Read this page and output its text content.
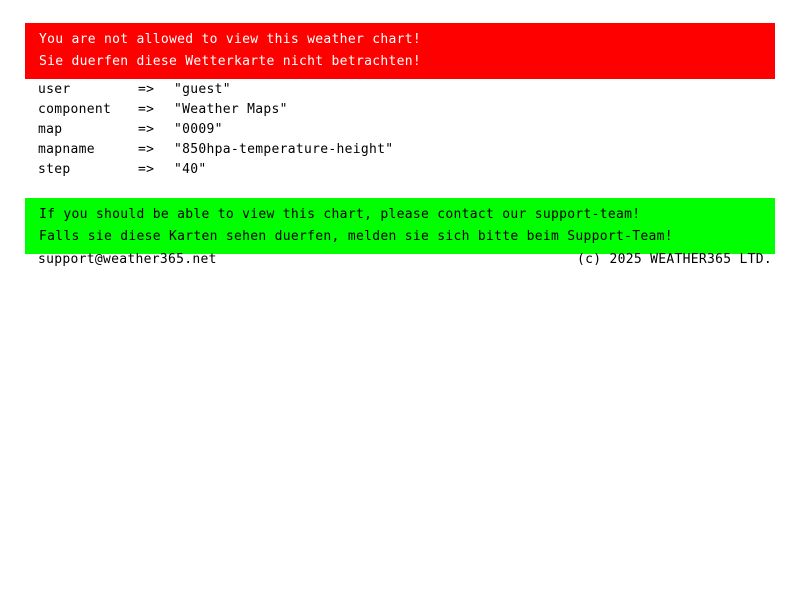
You are not allowed to view this weather chart!
Sie duerfen diese Wetterkarte nicht betrachten!
user	=>	"guest"
component	=>	"Weather Maps"
map	=>	"0009"
mapname	=>	"850hpa-temperature-height"
step	=>	"40"
If you should be able to view this chart, please contact our support-team!
Falls sie diese Karten sehen duerfen, melden sie sich bitte beim Support-Team!
support@weather365.net	(c) 2025 WEATHER365 LTD.
